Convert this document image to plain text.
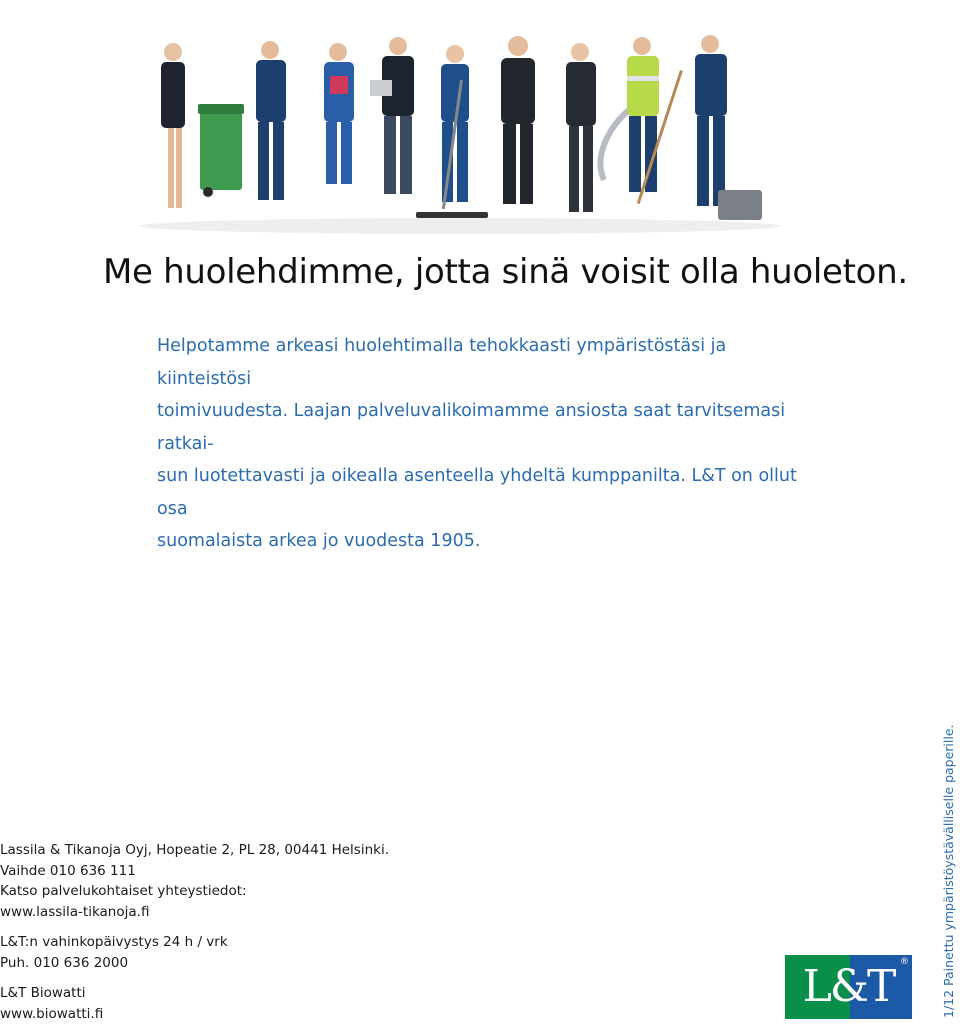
Me huolehdimme, jotta sinä voisit olla huoleton.

Helpotamme arkeasi huolehtimalla tehokkaasti ympäristöstäsi ja kiinteistösi
toimivuudesta. Laajan palveluvalikoimamme ansiosta saat tarvitsemasi ratkai-
sun luotettavasti ja oikealla asenteella yhdeltä kumppanilta. L&T on ollut osa
suomalaista arkea jo vuodesta 1905.

Lassila & Tikanoja Oyj, Hopeatie 2, PL 28, 00441 Helsinki.
Vaihde 010 636 111
Katso palvelukohtaiset yhteystiedot:
www.lassila-tikanoja.fi
L&T:n vahinkopäivystys 24 h / vrk
Puh. 010 636 2000
L&T Biowatti
www.biowatti.fi
L&T ®	1/12 Painettu ympäristöystävälliselle paperille.
